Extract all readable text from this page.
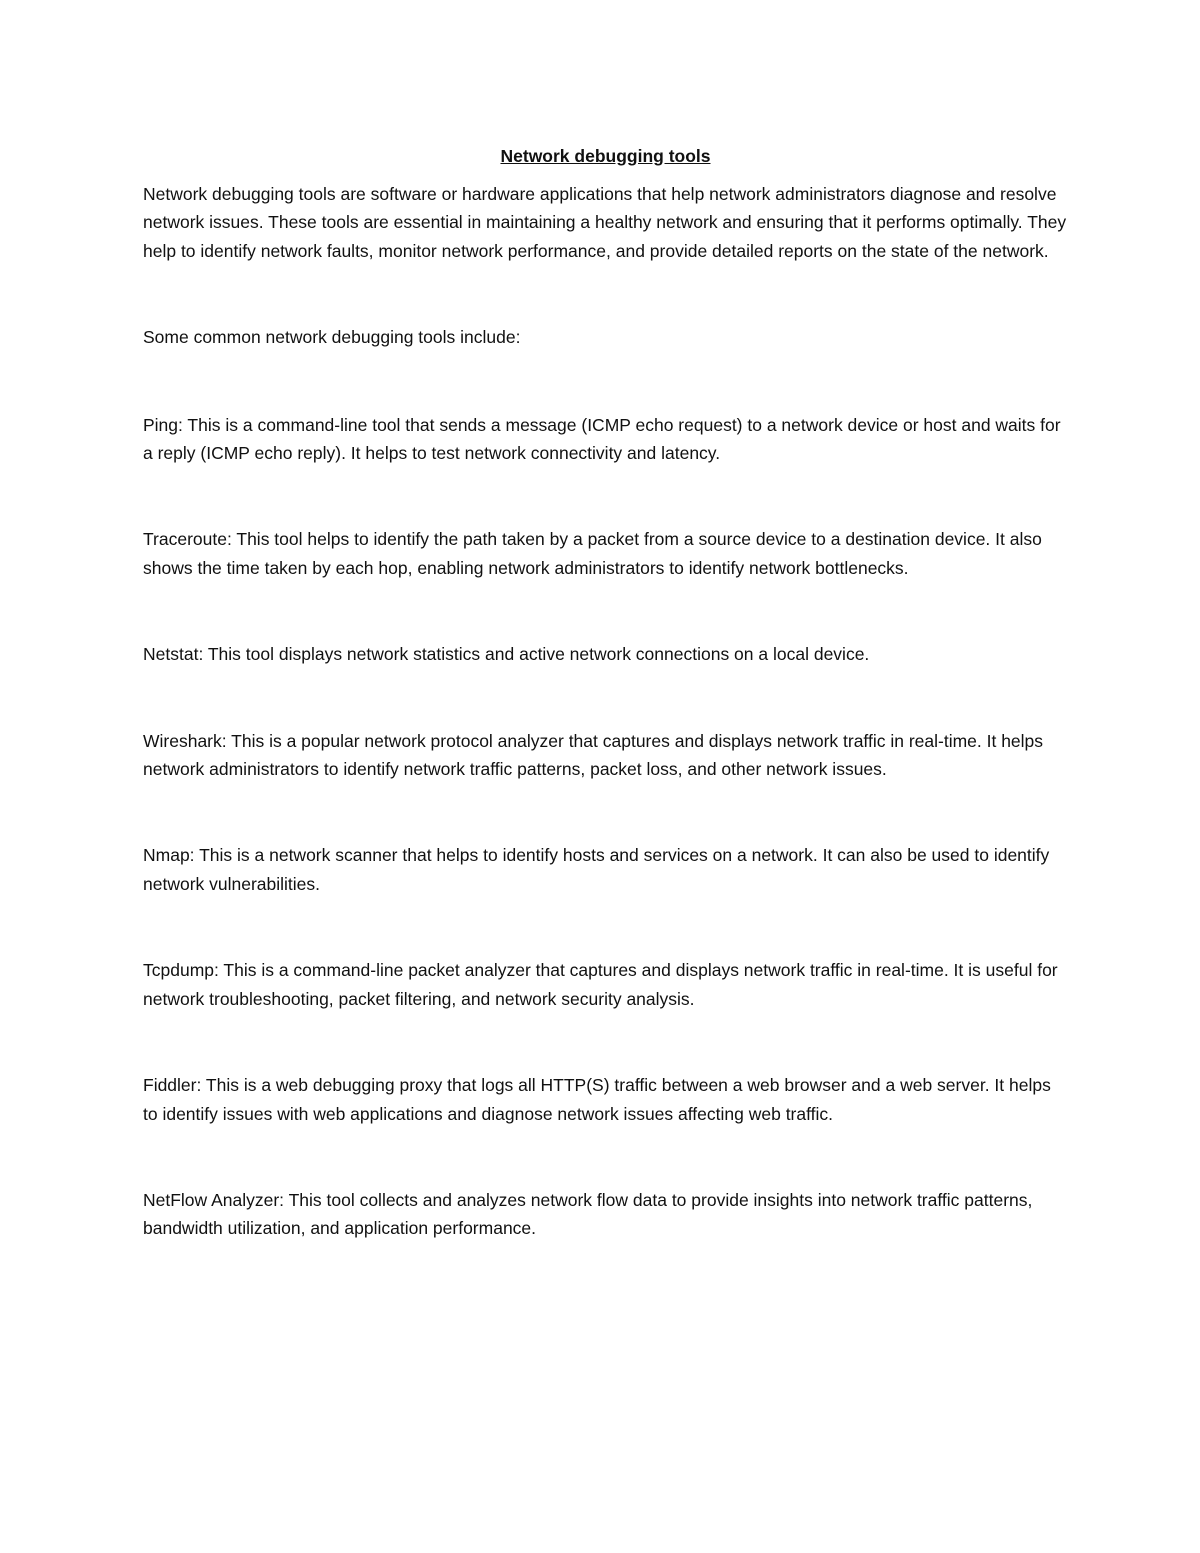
Network debugging tools

Network debugging tools are software or hardware applications that help network administrators diagnose and resolve network issues. These tools are essential in maintaining a healthy network and ensuring that it performs optimally. They help to identify network faults, monitor network performance, and provide detailed reports on the state of the network.

Some common network debugging tools include:

Ping: This is a command-line tool that sends a message (ICMP echo request) to a network device or host and waits for a reply (ICMP echo reply). It helps to test network connectivity and latency.

Traceroute: This tool helps to identify the path taken by a packet from a source device to a destination device. It also shows the time taken by each hop, enabling network administrators to identify network bottlenecks.

Netstat: This tool displays network statistics and active network connections on a local device.

Wireshark: This is a popular network protocol analyzer that captures and displays network traffic in real-time. It helps network administrators to identify network traffic patterns, packet loss, and other network issues.

Nmap: This is a network scanner that helps to identify hosts and services on a network. It can also be used to identify network vulnerabilities.

Tcpdump: This is a command-line packet analyzer that captures and displays network traffic in real-time. It is useful for network troubleshooting, packet filtering, and network security analysis.

Fiddler: This is a web debugging proxy that logs all HTTP(S) traffic between a web browser and a web server. It helps to identify issues with web applications and diagnose network issues affecting web traffic.

NetFlow Analyzer: This tool collects and analyzes network flow data to provide insights into network traffic patterns, bandwidth utilization, and application performance.
